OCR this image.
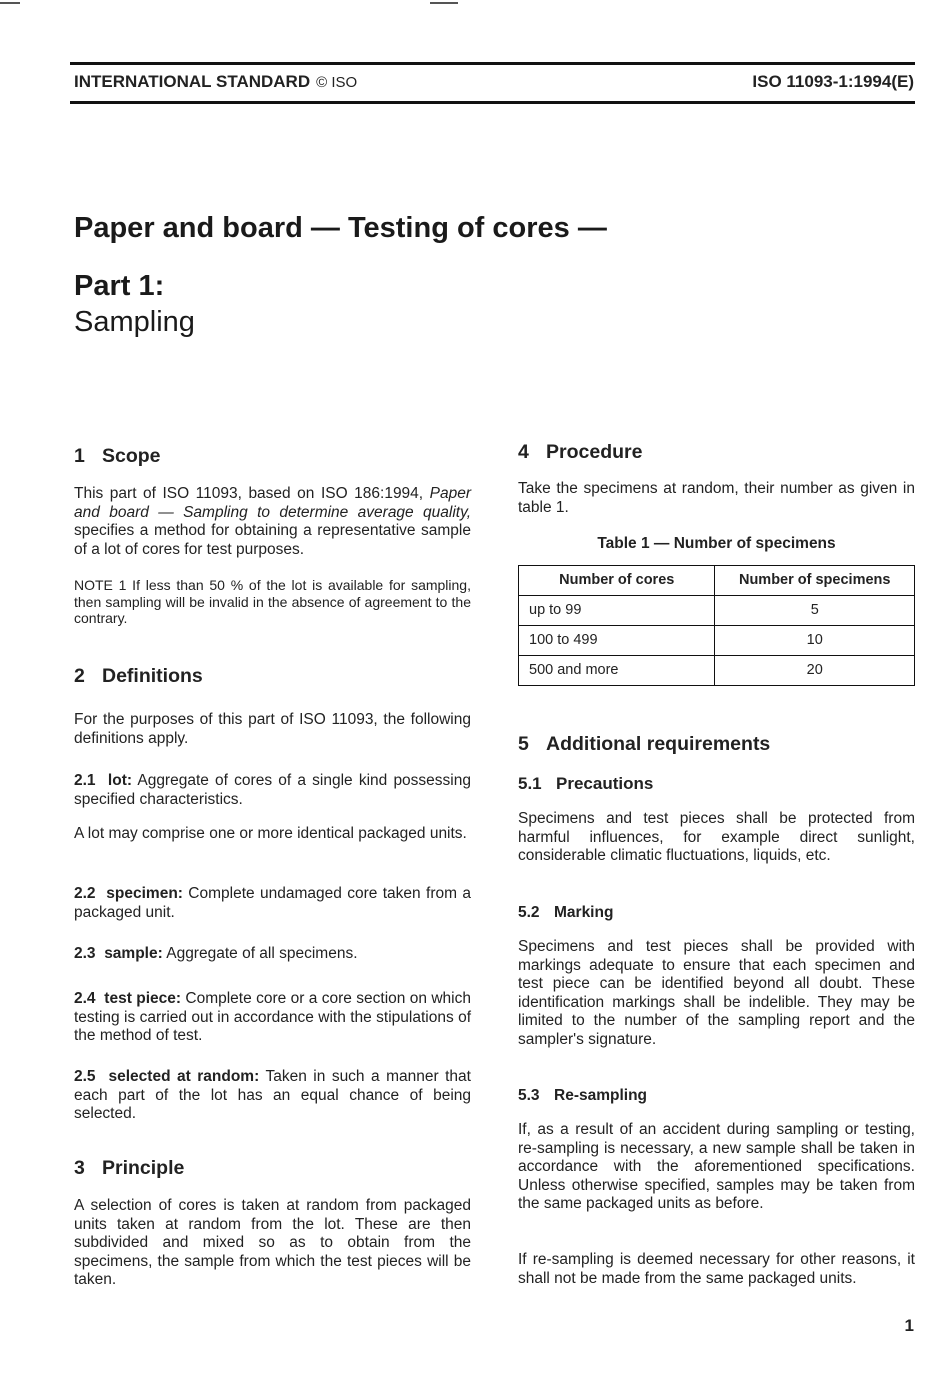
INTERNATIONAL STANDARD © ISO	ISO 11093-1:1994(E)
Paper and board — Testing of cores —
Part 1:
Sampling
1 Scope

This part of ISO 11093, based on ISO 186:1994, Paper and board — Sampling to determine average quality, specifies a method for obtaining a representative sample of a lot of cores for test purposes.

NOTE 1 If less than 50 % of the lot is available for sampling, then sampling will be invalid in the absence of agreement to the contrary.

2 Definitions

For the purposes of this part of ISO 11093, the following definitions apply.

2.1 lot: Aggregate of cores of a single kind possessing specified characteristics.

A lot may comprise one or more identical packaged units.

2.2 specimen: Complete undamaged core taken from a packaged unit.

2.3 sample: Aggregate of all specimens.

2.4 test piece: Complete core or a core section on which testing is carried out in accordance with the stipulations of the method of test.

2.5 selected at random: Taken in such a manner that each part of the lot has an equal chance of being selected.

3 Principle

A selection of cores is taken at random from packaged units taken at random from the lot. These are then subdivided and mixed so as to obtain from the specimens, the sample from which the test pieces will be taken.

4 Procedure

Take the specimens at random, their number as given in table 1.

Table 1 — Number of specimens
Number of cores	Number of specimens
up to 99	5
100 to 499	10
500 and more	20
5 Additional requirements
5.1 Precautions

Specimens and test pieces shall be protected from harmful influences, for example direct sunlight, considerable climatic fluctuations, liquids, etc.

5.2 Marking

Specimens and test pieces shall be provided with markings adequate to ensure that each specimen and test piece can be identified beyond all doubt. These identification markings shall be indelible. They may be limited to the number of the sampling report and the sampler's signature.

5.3 Re-sampling

If, as a result of an accident during sampling or testing, re-sampling is necessary, a new sample shall be taken in accordance with the aforementioned specifications. Unless otherwise specified, samples may be taken from the same packaged units as before.

If re-sampling is deemed necessary for other reasons, it shall not be made from the same packaged units.

1
